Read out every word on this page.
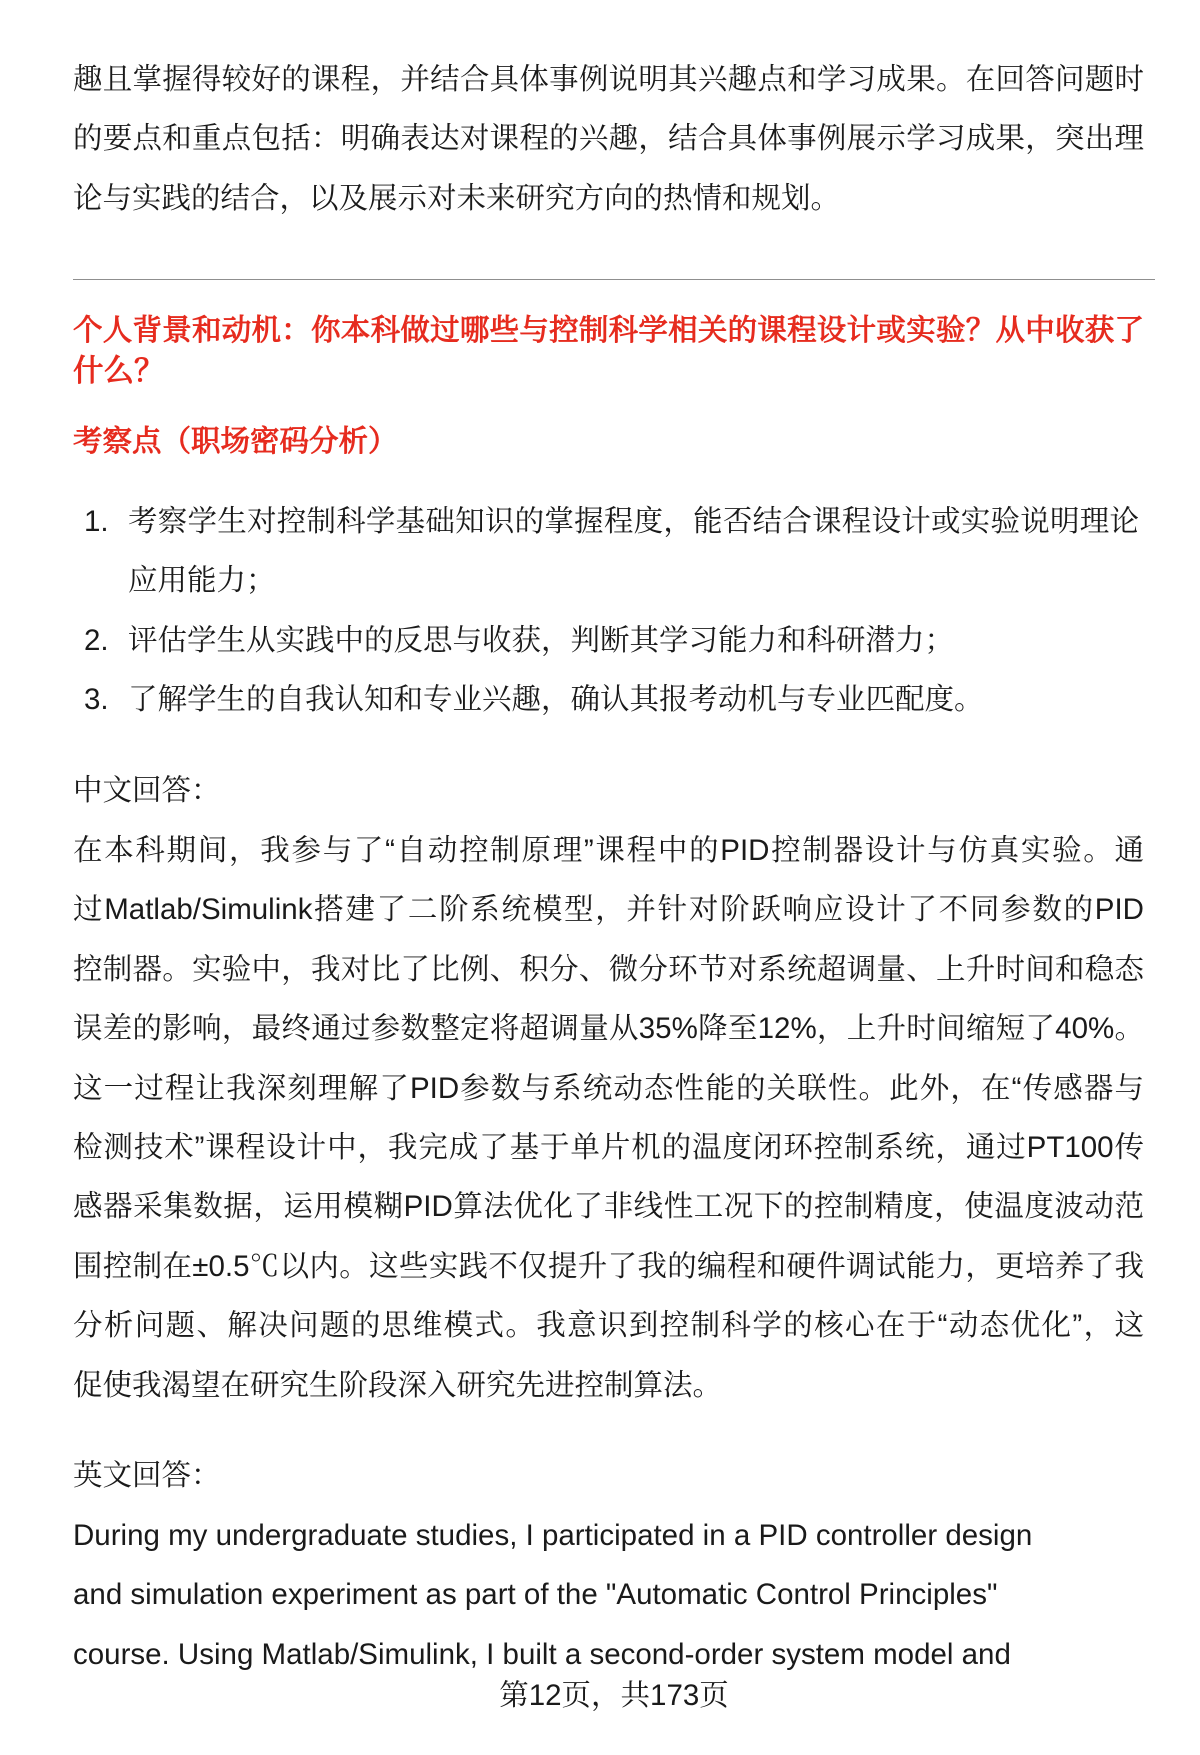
趣且掌握得较好的课程，并结合具体事例说明其兴趣点和学习成果。在回答问题时
的要点和重点包括：明确表达对课程的兴趣，结合具体事例展示学习成果，突出理
论与实践的结合，以及展示对未来研究方向的热情和规划。
个人背景和动机：你本科做过哪些与控制科学相关的课程设计或实验？从中收获了
什么？
考察点（职场密码分析）
1. 考察学生对控制科学基础知识的掌握程度，能否结合课程设计或实验说明理论
应用能力；
2. 评估学生从实践中的反思与收获，判断其学习能力和科研潜力；
3. 了解学生的自我认知和专业兴趣，确认其报考动机与专业匹配度。
中文回答：
在本科期间，我参与了“自动控制原理”课程中的PID控制器设计与仿真实验。通
过Matlab/Simulink搭建了二阶系统模型，并针对阶跃响应设计了不同参数的PID
控制器。实验中，我对比了比例、积分、微分环节对系统超调量、上升时间和稳态
误差的影响，最终通过参数整定将超调量从35%降至12%，上升时间缩短了40%。
这一过程让我深刻理解了PID参数与系统动态性能的关联性。此外，在“传感器与
检测技术”课程设计中，我完成了基于单片机的温度闭环控制系统，通过PT100传
感器采集数据，运用模糊PID算法优化了非线性工况下的控制精度，使温度波动范
围控制在±0.5℃以内。这些实践不仅提升了我的编程和硬件调试能力，更培养了我
分析问题、解决问题的思维模式。我意识到控制科学的核心在于“动态优化”，这
促使我渴望在研究生阶段深入研究先进控制算法。
英文回答：
During my undergraduate studies, I participated in a PID controller design
and simulation experiment as part of the "Automatic Control Principles"
course. Using Matlab/Simulink, I built a second-order system model and
第12页，共173页
